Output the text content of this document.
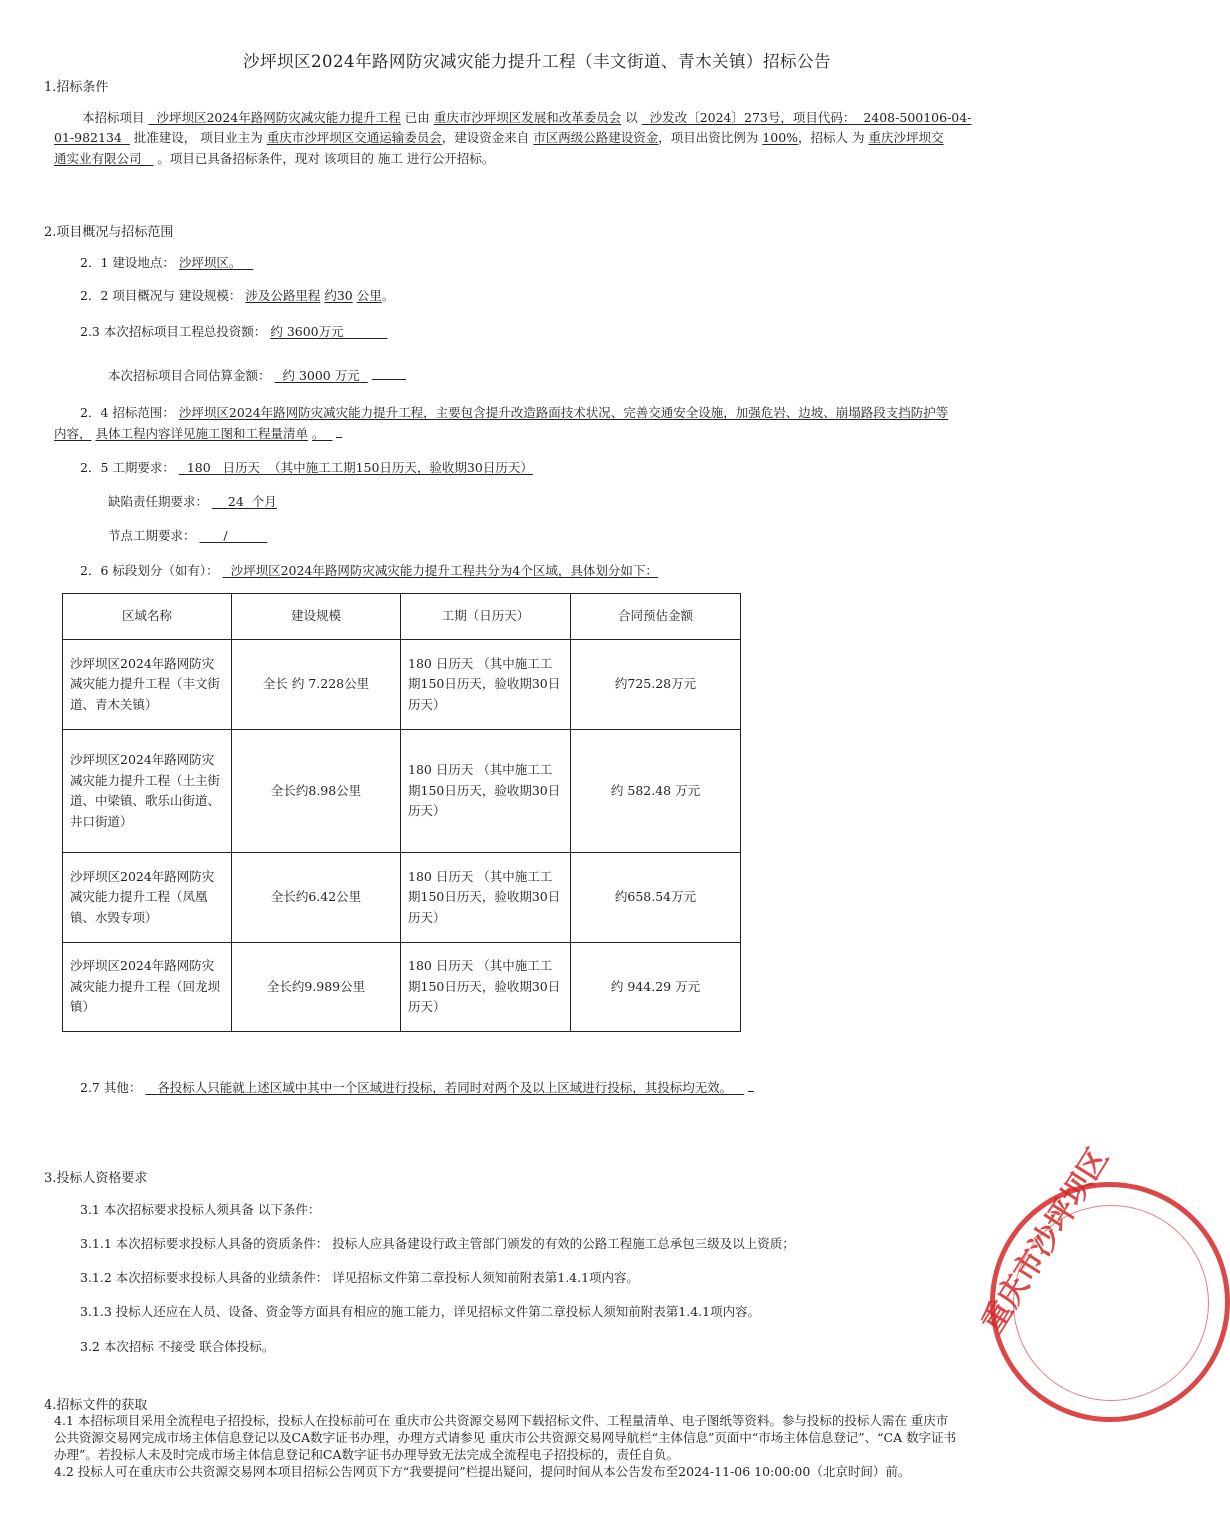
沙坪坝区2024年路网防灾减灾能力提升工程（丰文街道、青木关镇）招标公告
1.招标条件
本招标项目 沙坪坝区2024年路网防灾减灾能力提升工程 已由 重庆市沙坪坝区发展和改革委员会 以 沙发改〔2024〕273号，项目代码： 2408-500106-04-
01-982134 批准建设， 项目业主为 重庆市沙坪坝区交通运输委员会，建设资金来自 市区两级公路建设资金，项目出资比例为 100%，招标人 为 重庆沙坪坝交
通实业有限公司 。项目已具备招标条件，现对 该项目的 施工 进行公开招标。
2.项目概况与招标范围
2．1 建设地点： 沙坪坝区。
2．2 项目概况与 建设规模： 涉及公路里程 约30 公里。
2.3 本次招标项目工程总投资额： 约 3600万元
本次招标项目合同估算金额： 约 3000 万元
2．4 招标范围： 沙坪坝区2024年路网防灾减灾能力提升工程，主要包含提升改造路面技术状况、完善交通安全设施，加强危岩、边坡、崩塌路段支挡防护等
内容， 具体工程内容详见施工图和工程量清单 。
2．5 工期要求： 180 日历天 （其中施工工期150日历天，验收期30日历天）
缺陷责任期要求： 24 个月
节点工期要求： /
2．6 标段划分（如有）： 沙坪坝区2024年路网防灾减灾能力提升工程共分为4个区域，具体划分如下：
区域名称	建设规模	工期（日历天）	合同预估金额
沙坪坝区2024年路网防灾减灾能力提升工程（丰文街道、青木关镇）	全长 约 7.228公里	180 日历天 （其中施工工期150日历天，验收期30日历天）	约725.28万元
沙坪坝区2024年路网防灾减灾能力提升工程（土主街道、中梁镇、歌乐山街道、井口街道）	全长约8.98公里	180 日历天 （其中施工工期150日历天，验收期30日历天）	约 582.48 万元
沙坪坝区2024年路网防灾减灾能力提升工程（凤凰镇、水毁专项）	全长约6.42公里	180 日历天 （其中施工工期150日历天，验收期30日历天）	约658.54万元
沙坪坝区2024年路网防灾减灾能力提升工程（回龙坝镇）	全长约9.989公里	180 日历天 （其中施工工期150日历天，验收期30日历天）	约 944.29 万元
2.7 其他： 各投标人只能就上述区域中其中一个区域进行投标，若同时对两个及以上区域进行投标，其投标均无效。
3.投标人资格要求
3.1 本次招标要求投标人须具备 以下条件：
3.1.1 本次招标要求投标人具备的资质条件： 投标人应具备建设行政主管部门颁发的有效的公路工程施工总承包三级及以上资质；
3.1.2 本次招标要求投标人具备的业绩条件： 详见招标文件第二章投标人须知前附表第1.4.1项内容。
3.1.3 投标人还应在人员、设备、资金等方面具有相应的施工能力，详见招标文件第二章投标人须知前附表第1.4.1项内容。
3.2 本次招标 不接受 联合体投标。
4.招标文件的获取
4.1 本招标项目采用全流程电子招投标，投标人在投标前可在 重庆市公共资源交易网下载招标文件、工程量清单、电子图纸等资料。参与投标的投标人需在 重庆市
公共资源交易网完成市场主体信息登记以及CA数字证书办理，办理方式请参见 重庆市公共资源交易网导航栏“主体信息”页面中“市场主体信息登记”、“CA 数字证书
办理”。若投标人未及时完成市场主体信息登记和CA数字证书办理导致无法完成全流程电子招投标的，责任自负。
4.2 投标人可在重庆市公共资源交易网本项目招标公告网页下方“我要提问”栏提出疑问，提问时间从本公告发布至2024-11-06 10:00:00（北京时间）前。
重庆市沙坪坝区
